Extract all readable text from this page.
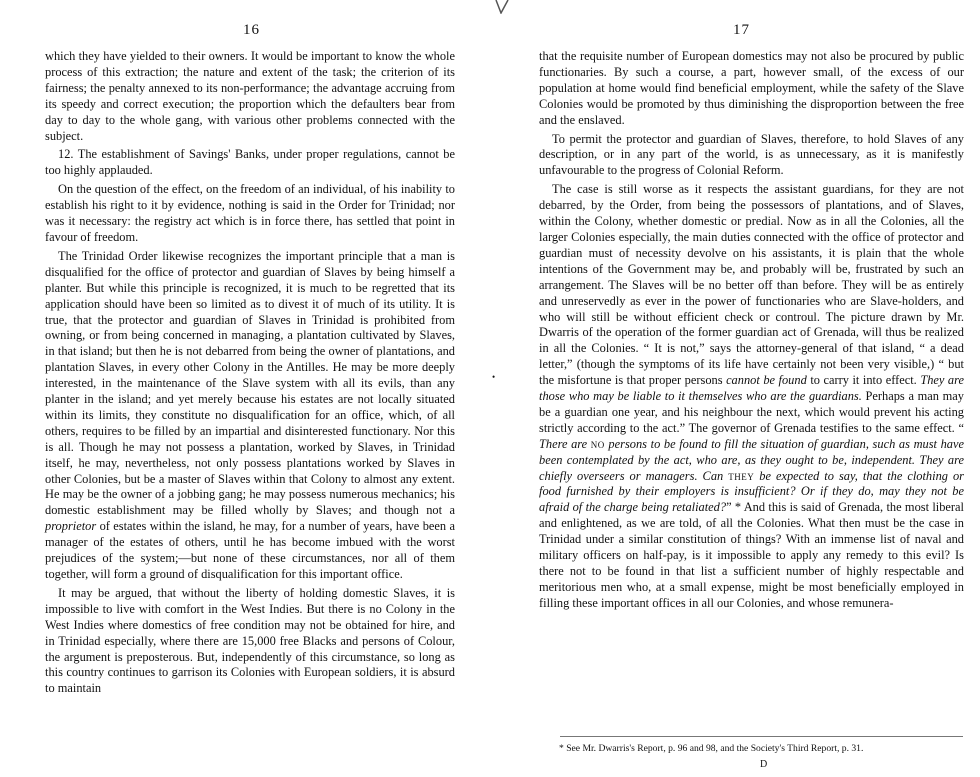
•
16	17

which they have yielded to their owners. It would be important to know the whole process of this extraction; the nature and extent of the task; the criterion of its fairness; the penalty annexed to its non-performance; the advantage accruing from its speedy and correct execution; the proportion which the defaulters bear from day to day to the whole gang, with various other problems connected with the subject.

12. The establishment of Savings' Banks, under proper regulations, cannot be too highly applauded.

On the question of the effect, on the freedom of an individual, of his inability to establish his right to it by evidence, nothing is said in the Order for Trinidad; nor was it necessary: the registry act which is in force there, has settled that point in favour of freedom.

The Trinidad Order likewise recognizes the important principle that a man is disqualified for the office of protector and guardian of Slaves by being himself a planter. But while this principle is recognized, it is much to be regretted that its application should have been so limited as to divest it of much of its utility. It is true, that the protector and guardian of Slaves in Trinidad is prohibited from owning, or from being concerned in managing, a plantation cultivated by Slaves, in that island; but then he is not debarred from being the owner of plantations, and plantation Slaves, in every other Colony in the Antilles. He may be more deeply interested, in the maintenance of the Slave system with all its evils, than any planter in the island; and yet merely because his estates are not locally situated within its limits, they constitute no disqualification for an office, which, of all others, requires to be filled by an impartial and disinterested functionary. Nor this is all. Though he may not possess a plantation, worked by Slaves, in Trinidad itself, he may, nevertheless, not only possess plantations worked by Slaves in other Colonies, but be a master of Slaves within that Colony to almost any extent. He may be the owner of a jobbing gang; he may possess numerous mechanics; his domestic establishment may be filled wholly by Slaves; and though not a proprietor of estates within the island, he may, for a number of years, have been a manager of the estates of others, until he has become imbued with the worst prejudices of the system;—but none of these circumstances, nor all of them together, will form a ground of disqualification for this important office.

It may be argued, that without the liberty of holding domestic Slaves, it is impossible to live with comfort in the West Indies. But there is no Colony in the West Indies where domestics of free condition may not be obtained for hire, and in Trinidad especially, where there are 15,000 free Blacks and persons of Colour, the argument is preposterous. But, independently of this circumstance, so long as this country continues to garrison its Colonies with European soldiers, it is absurd to maintain

that the requisite number of European domestics may not also be procured by public functionaries. By such a course, a part, however small, of the excess of our population at home would find beneficial employment, while the safety of the Slave Colonies would be promoted by thus diminishing the disproportion between the free and the enslaved.

To permit the protector and guardian of Slaves, therefore, to hold Slaves of any description, or in any part of the world, is as unnecessary, as it is manifestly unfavourable to the progress of Colonial Reform.

The case is still worse as it respects the assistant guardians, for they are not debarred, by the Order, from being the possessors of plantations, and of Slaves, within the Colony, whether domestic or predial. Now as in all the Colonies, all the larger Colonies especially, the main duties connected with the office of protector and guardian must of necessity devolve on his assistants, it is plain that the whole intentions of the Government may be, and probably will be, frustrated by such an arrangement. The Slaves will be no better off than before. They will be as entirely and unreservedly as ever in the power of functionaries who are Slave-holders, and who will still be without efficient check or controul. The picture drawn by Mr. Dwarris of the operation of the former guardian act of Grenada, will thus be realized in all the Colonies. “ It is not,” says the attorney-general of that island, “ a dead letter,” (though the symptoms of its life have certainly not been very visible,) “ but the misfortune is that proper persons cannot be found to carry it into effect. They are those who may be liable to it themselves who are the guardians. Perhaps a man may be a guardian one year, and his neighbour the next, which would prevent his acting strictly according to the act.” The governor of Grenada testifies to the same effect. “ There are no persons to be found to fill the situation of guardian, such as must have been contemplated by the act, who are, as they ought to be, independent. They are chiefly overseers or managers. Can they be expected to say, that the clothing or food furnished by their employers is insufficient? Or if they do, may they not be afraid of the charge being retaliated?” * And this is said of Grenada, the most liberal and enlightened, as we are told, of all the Colonies. What then must be the case in Trinidad under a similar constitution of things? With an immense list of naval and military officers on half-pay, is it impossible to apply any remedy to this evil? Is there not to be found in that list a sufficient number of highly respectable and meritorious men who, at a small expense, might be most beneficially employed in filling these important offices in all our Colonies, and whose remunera-

* See Mr. Dwarris's Report, p. 96 and 98, and the Society's Third Report, p. 31.
D
